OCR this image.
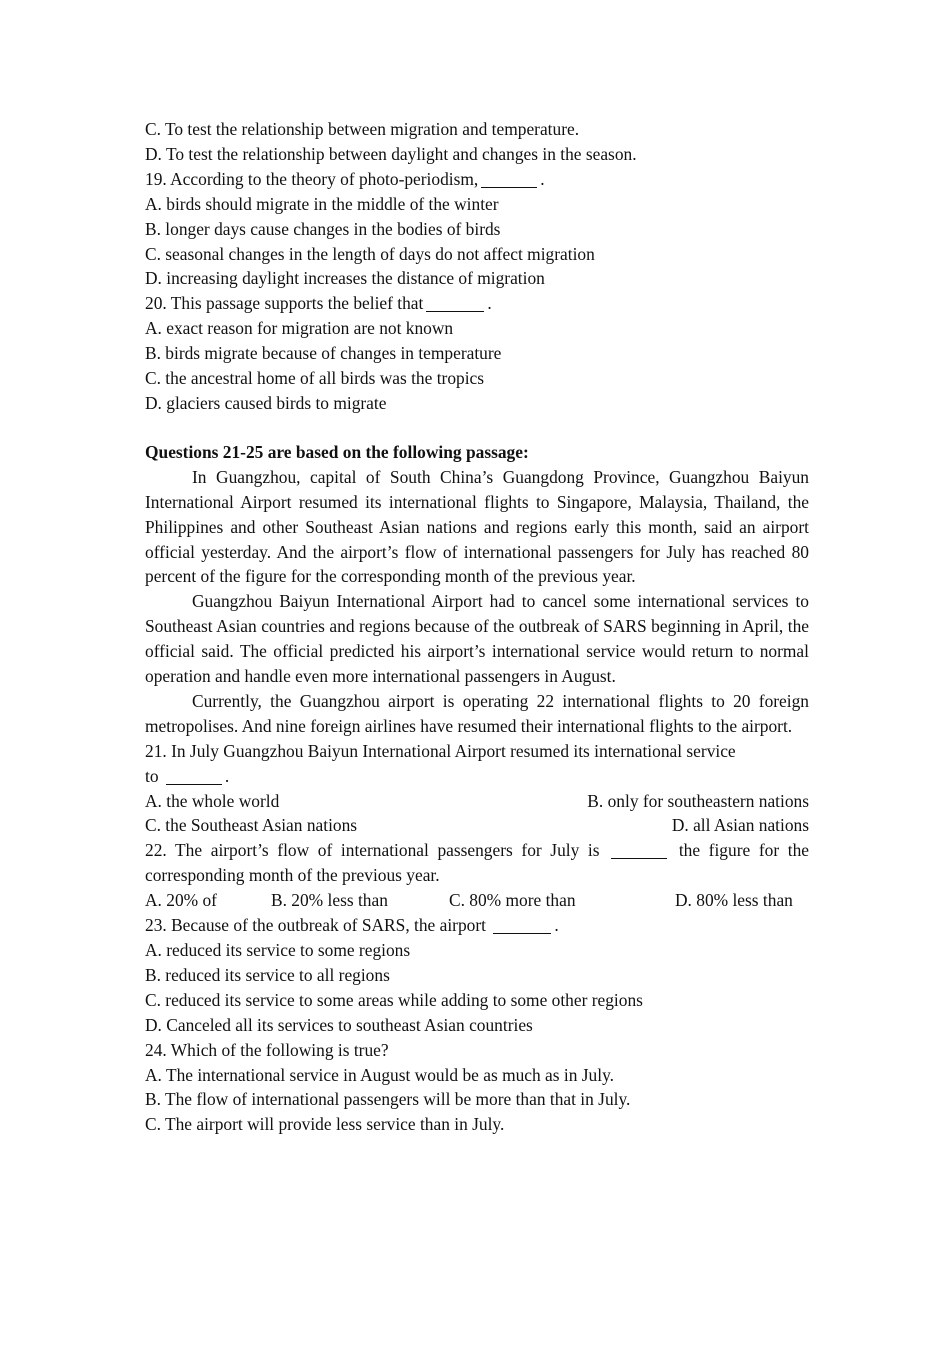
C. To test the relationship between migration and temperature.
D. To test the relationship between daylight and changes in the season.
19. According to the theory of photo-periodism,	.
A. birds should migrate in the middle of the winter
B. longer days cause changes in the bodies of birds
C. seasonal changes in the length of days do not affect migration
D. increasing daylight increases the distance of migration
20. This passage supports the belief that	.
A. exact reason for migration are not known
B. birds migrate because of changes in temperature
C. the ancestral home of all birds was the tropics
D. glaciers caused birds to migrate
Questions 21-25 are based on the following passage:
In Guangzhou, capital of South China’s Guangdong Province, Guangzhou Baiyun International Airport resumed its international flights to Singapore, Malaysia, Thailand, the Philippines and other Southeast Asian nations and regions early this month, said an airport official yesterday. And the airport’s flow of international passengers for July has reached 80 percent of the figure for the corresponding month of the previous year.
Guangzhou Baiyun International Airport had to cancel some international services to Southeast Asian countries and regions because of the outbreak of SARS beginning in April, the official said. The official predicted his airport’s international service would return to normal operation and handle even more international passengers in August.
Currently, the Guangzhou airport is operating 22 international flights to 20 foreign metropolises. And nine foreign airlines have resumed their international flights to the airport.
21. In July Guangzhou Baiyun International Airport resumed its international service
to	.
A. the whole world	B. only for southeastern nations
C. the Southeast Asian nations	D. all Asian nations
22. The airport’s flow of international passengers for July is	the figure for the corresponding month of the previous year.
A. 20% of	B. 20% less than	C. 80% more than	D. 80% less than
23. Because of the outbreak of SARS, the airport	.
A. reduced its service to some regions
B. reduced its service to all regions
C. reduced its service to some areas while adding to some other regions
D. Canceled all its services to southeast Asian countries
24. Which of the following is true?
A. The international service in August would be as much as in July.
B. The flow of international passengers will be more than that in July.
C. The airport will provide less service than in July.
